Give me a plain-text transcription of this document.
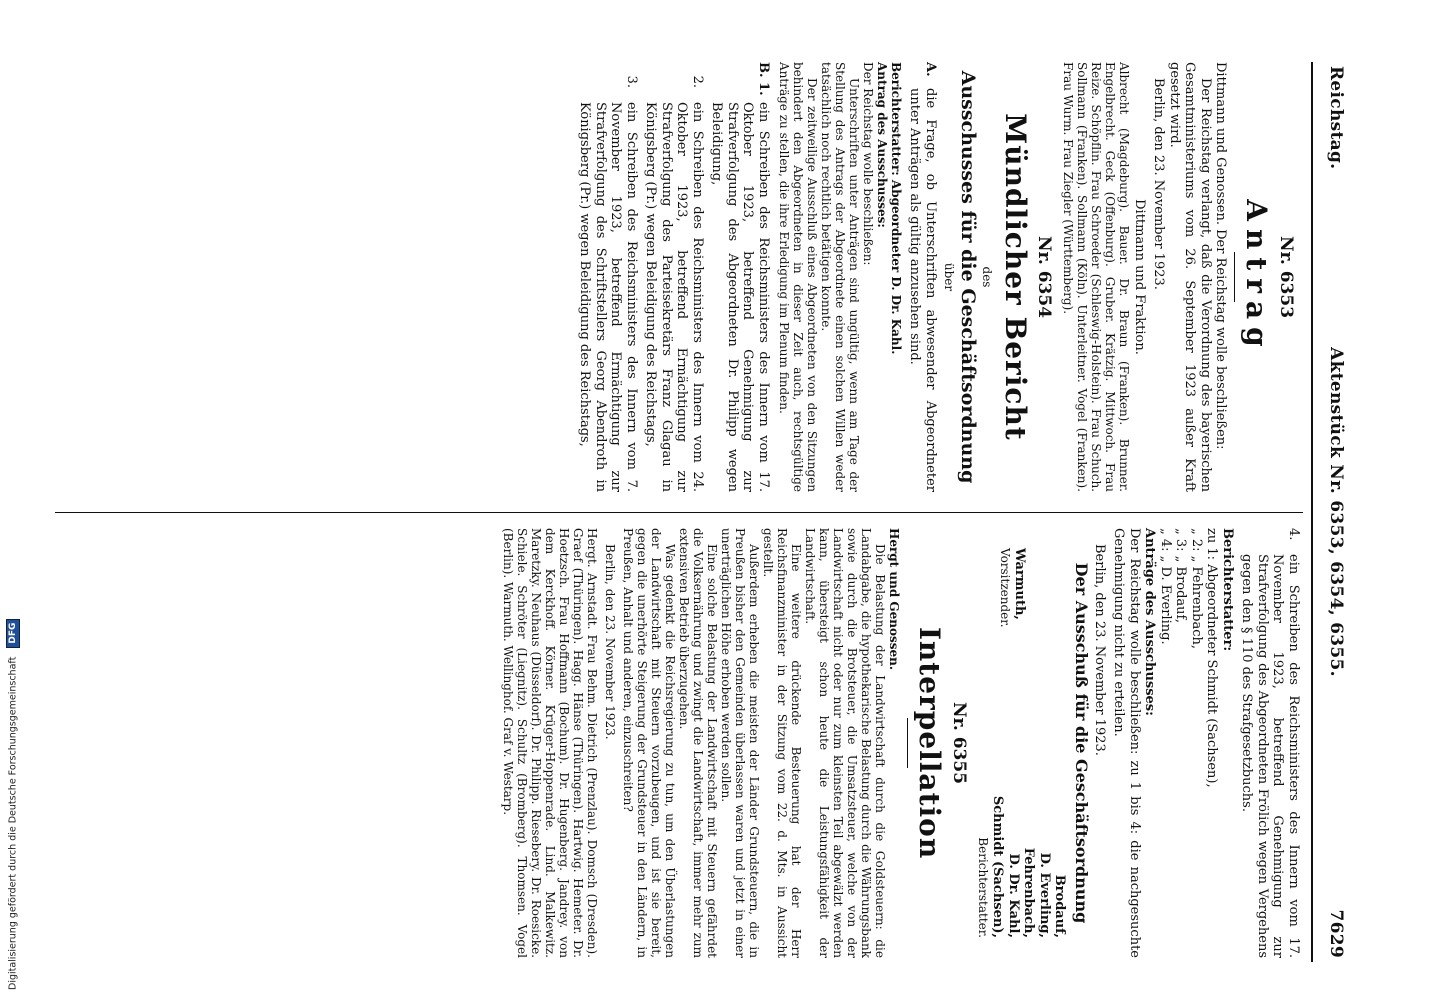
Reichstag.
Aktenstück Nr. 6353, 6354, 6355.
7629

Nr. 6353

Antrag

Dittmann und Genossen. Der Reichstag wolle beschließen:

Der Reichstag verlangt, daß die Verordnung des bayerischen Gesamtministeriums vom 26. September 1923 außer Kraft gesetzt wird.

Berlin, den 23. November 1923.

Dittmann und Fraktion.

Albrecht (Magdeburg). Bauer. Dr. Braun (Franken). Brunner. Engelbrecht. Geck (Offenburg). Gruber. Krätzig. Mittwoch. Frau Reize. Schöpflin. Frau Schroeder (Schleswig-Holstein). Frau Schuch. Sollmann (Franken). Sollmann (Köln). Unterleitner. Vogel (Franken). Frau Wurm. Frau Ziegler (Württemberg).

Nr. 6354

Mündlicher Bericht

des

Ausschusses für die Geschäftsordnung

über

A.
die Frage, ob Unterschriften abwesender Abgeordneter unter Anträgen als gültig anzusehen sind.

Berichterstatter: Abgeordneter D. Dr. Kahl.

Antrag des Ausschusses:

Der Reichstag wolle beschließen:

Unterschriften unter Anträgen sind ungültig, wenn am Tage der Stellung des Antrags der Abgeordnete einen solchen Willen weder tatsächlich noch rechtlich betätigen konnte.

Der zeitweilige Ausschluß eines Abgeordneten von den Sitzungen behindert den Abgeordneten in dieser Zeit auch, rechtsgültige Anträge zu stellen, die ihre Erledigung im Plenum finden.

B. 1.
ein Schreiben des Reichsministers des Innern vom 17. Oktober 1923, betreffend Genehmigung zur Strafverfolgung des Abgeordneten Dr. Philipp wegen Beleidigung,
2.
ein Schreiben des Reichsministers des Innern vom 24. Oktober 1923, betreffend Ermächtigung zur Strafverfolgung des Parteisekretärs Franz Glagau in Königsberg (Pr.) wegen Beleidigung des Reichstags,
3.
ein Schreiben des Reichsministers des Innern vom 7. November 1923, betreffend Ermächtigung zur Strafverfolgung des Schriftstellers Georg Abendroth in Königsberg (Pr.) wegen Beleidigung des Reichstags,
4.
ein Schreiben des Reichsministers des Innern vom 17. November 1923, betreffend Genehmigung zur Strafverfolgung des Abgeordneten Frölich wegen Vergehens gegen den § 110 des Strafgesetzbuchs.

Berichterstatter:

zu 1: Abgeordneter Schmidt (Sachsen),

„ 2: „ Fehrenbach,

„ 3: „ Brodauf,

„ 4: „ D. Everling.

Anträge des Ausschusses:

Der Reichstag wolle beschließen: zu 1 bis 4: die nachgesuchte Genehmigung nicht zu erteilen.

Berlin, den 23. November 1923.

Der Ausschuß für die Geschäftsordnung

Warmuth,

Vorsitzender.

Brodauf,

D. Everling,

Fehrenbach,

D. Dr. Kahl,

Schmidt (Sachsen),

Berichterstatter.

Nr. 6355

Interpellation

Hergt und Genossen.

Die Belastung der Landwirtschaft durch die Goldsteuern: die Landabgabe, die hypothekarische Belastung durch die Währungsbank sowie durch die Brotsteuer, die Umsatzsteuer, welche von der Landwirtschaft nicht oder nur zum kleinsten Teil abgewälzt werden kann, übersteigt schon heute die Leistungsfähigkeit der Landwirtschaft.

Eine weitere drückende Besteuerung hat der Herr Reichsfinanzminister in der Sitzung vom 22. d. Mts. in Aussicht gestellt.

Außerdem erheben die meisten der Länder Grundsteuern, die in Preußen bisher den Gemeinden überlassen waren und jetzt in einer unerträglichen Höhe erhoben werden sollen.

Eine solche Belastung der Landwirtschaft mit Steuern gefährdet die Volksernährung und zwingt die Landwirtschaft, immer mehr zum extensiven Betrieb überzugehen.

Was gedenkt die Reichsregierung zu tun, um den Überlastungen der Landwirtschaft mit Steuern vorzubeugen, und ist sie bereit, gegen die unerhörte Steigerung der Grundsteuer in den Ländern, in Preußen, Anhalt und anderen, einzuschreiten?

Berlin, den 23. November 1923.

Hergt. Arnstadt. Frau Behm. Dietrich (Prenzlau). Domsch (Dresden). Graef (Thüringen). Hagg. Hänse (Thüringen). Hartwig. Hemeter. Dr. Hoetzsch. Frau Hoffmann (Bochum). Dr. Hugenberg. Jandrey. von dem Kerckhoff. Körner. Krüger-Hoppenrade. Lind. Malkewitz. Maretzky. Neuhaus (Düsseldorf). Dr. Philipp. Riesebery. Dr. Roesicke. Schiele. Schröter (Liegnitz). Schultz (Bromberg). Thomsen. Vogel (Berlin). Warmuth. Wellinghof. Graf v. Westarp.

Digitalisierung gefördert durch die Deutsche Forschungsgemeinschaft DFG
